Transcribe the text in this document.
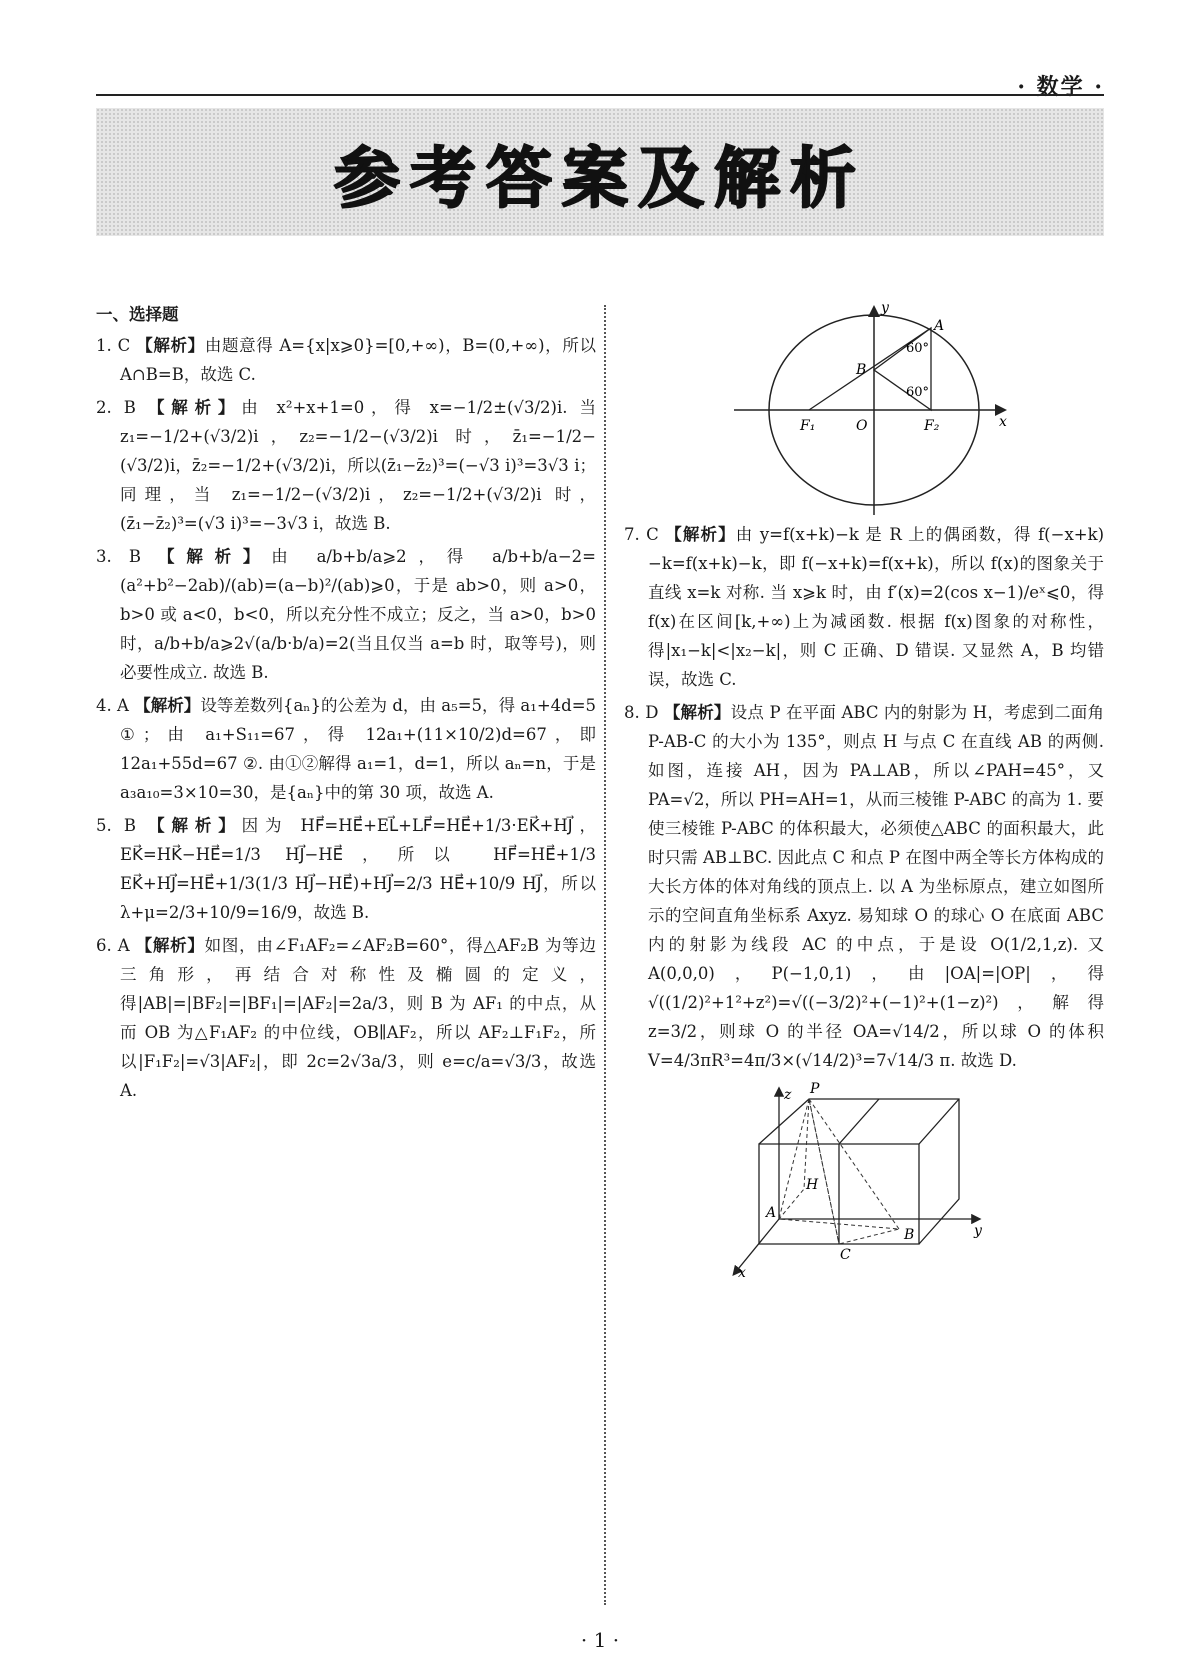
· 数学 ·
参考答案及解析
一、选择题
1. C 【解析】由题意得 A={x|x⩾0}=[0,+∞)，B=(0,+∞)，所以 A∩B=B，故选 C.
2. B 【解析】由 x²+x+1=0，得 x=−1/2±(√3/2)i. 当 z₁=−1/2+(√3/2)i，z₂=−1/2−(√3/2)i 时，z̄₁=−1/2−(√3/2)i，z̄₂=−1/2+(√3/2)i，所以(z̄₁−z̄₂)³=(−√3 i)³=3√3 i；同理，当 z₁=−1/2−(√3/2)i，z₂=−1/2+(√3/2)i 时，(z̄₁−z̄₂)³=(√3 i)³=−3√3 i，故选 B.
3. B 【解析】由 a/b+b/a⩾2，得 a/b+b/a−2=(a²+b²−2ab)/(ab)=(a−b)²/(ab)⩾0，于是 ab>0，则 a>0，b>0 或 a<0，b<0，所以充分性不成立；反之，当 a>0，b>0 时，a/b+b/a⩾2√(a/b·b/a)=2(当且仅当 a=b 时，取等号)，则必要性成立. 故选 B.
4. A 【解析】设等差数列{aₙ}的公差为 d，由 a₅=5，得 a₁+4d=5 ①；由 a₁+S₁₁=67，得 12a₁+(11×10/2)d=67，即 12a₁+55d=67 ②. 由①②解得 a₁=1，d=1，所以 aₙ=n，于是 a₃a₁₀=3×10=30，是{aₙ}中的第 30 项，故选 A.
5. B 【解析】因为 HF⃗=HE⃗+EL⃗+LF⃗=HE⃗+1/3·EK⃗+HJ⃗，EK⃗=HK⃗−HE⃗=1/3 HJ⃗−HE⃗，所以 HF⃗=HE⃗+1/3 EK⃗+HJ⃗=HE⃗+1/3(1/3 HJ⃗−HE⃗)+HJ⃗=2/3 HE⃗+10/9 HJ⃗，所以 λ+μ=2/3+10/9=16/9，故选 B.
6. A 【解析】如图，由∠F₁AF₂=∠AF₂B=60°，得△AF₂B 为等边三角形，再结合对称性及椭圆的定义，得|AB|=|BF₂|=|BF₁|=|AF₂|=2a/3，则 B 为 AF₁ 的中点，从而 OB 为△F₁AF₂ 的中位线，OB∥AF₂，所以 AF₂⊥F₁F₂，所以|F₁F₂|=√3|AF₂|，即 2c=2√3a/3，则 e=c/a=√3/3，故选 A.
y
x
A
B
F₁	O	F₂
60°
60°
7. C 【解析】由 y=f(x+k)−k 是 R 上的偶函数，得 f(−x+k)−k=f(x+k)−k，即 f(−x+k)=f(x+k)，所以 f(x)的图象关于直线 x=k 对称. 当 x⩾k 时，由 f′(x)=2(cos x−1)/eˣ⩽0，得 f(x)在区间[k,+∞)上为减函数. 根据 f(x)图象的对称性，得|x₁−k|<|x₂−k|，则 C 正确、D 错误. 又显然 A，B 均错误，故选 C.
8. D 【解析】设点 P 在平面 ABC 内的射影为 H，考虑到二面角 P-AB-C 的大小为 135°，则点 H 与点 C 在直线 AB 的两侧. 如图，连接 AH，因为 PA⊥AB，所以∠PAH=45°，又 PA=√2，所以 PH=AH=1，从而三棱锥 P-ABC 的高为 1. 要使三棱锥 P-ABC 的体积最大，必须使△ABC 的面积最大，此时只需 AB⊥BC. 因此点 C 和点 P 在图中两全等长方体构成的大长方体的体对角线的顶点上. 以 A 为坐标原点，建立如图所示的空间直角坐标系 Axyz. 易知球 O 的球心 O 在底面 ABC 内的射影为线段 AC 的中点，于是设 O(1/2,1,z). 又 A(0,0,0)，P(−1,0,1)，由|OA|=|OP|，得 √((1/2)²+1²+z²)=√((−3/2)²+(−1)²+(1−z)²)，解得 z=3/2，则球 O 的半径 OA=√14/2，所以球 O 的体积 V=4/3πR³=4π/3×(√14/2)³=7√14/3 π. 故选 D.
z P
H
A
B
C
x
y
· 1 ·
